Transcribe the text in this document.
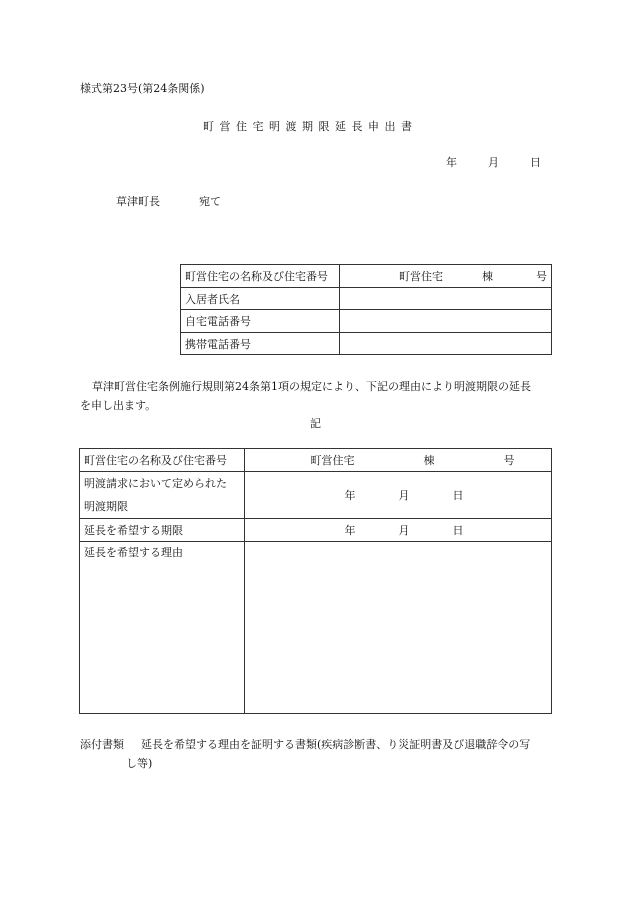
様式第23号(第24条関係)
町 営 住 宅 明 渡 期 限 延 長 申 出 書
年	月	日
草津町長	宛て
町営住宅の名称及び住宅番号	町営住宅 棟 号
入居者氏名	
自宅電話番号	
携帯電話番号	
草津町営住宅条例施行規則第24条第1項の規定により、下記の理由により明渡期限の延長
を申し出ます。
記
町営住宅の名称及び住宅番号	町営住宅 棟 号

明渡請求において定められた
明渡期限	年 月 日
延長を希望する期限	年 月 日
延長を希望する理由	
添付書類 延長を希望する理由を証明する書類(疾病診断書、り災証明書及び退職辞令の写
し等)
